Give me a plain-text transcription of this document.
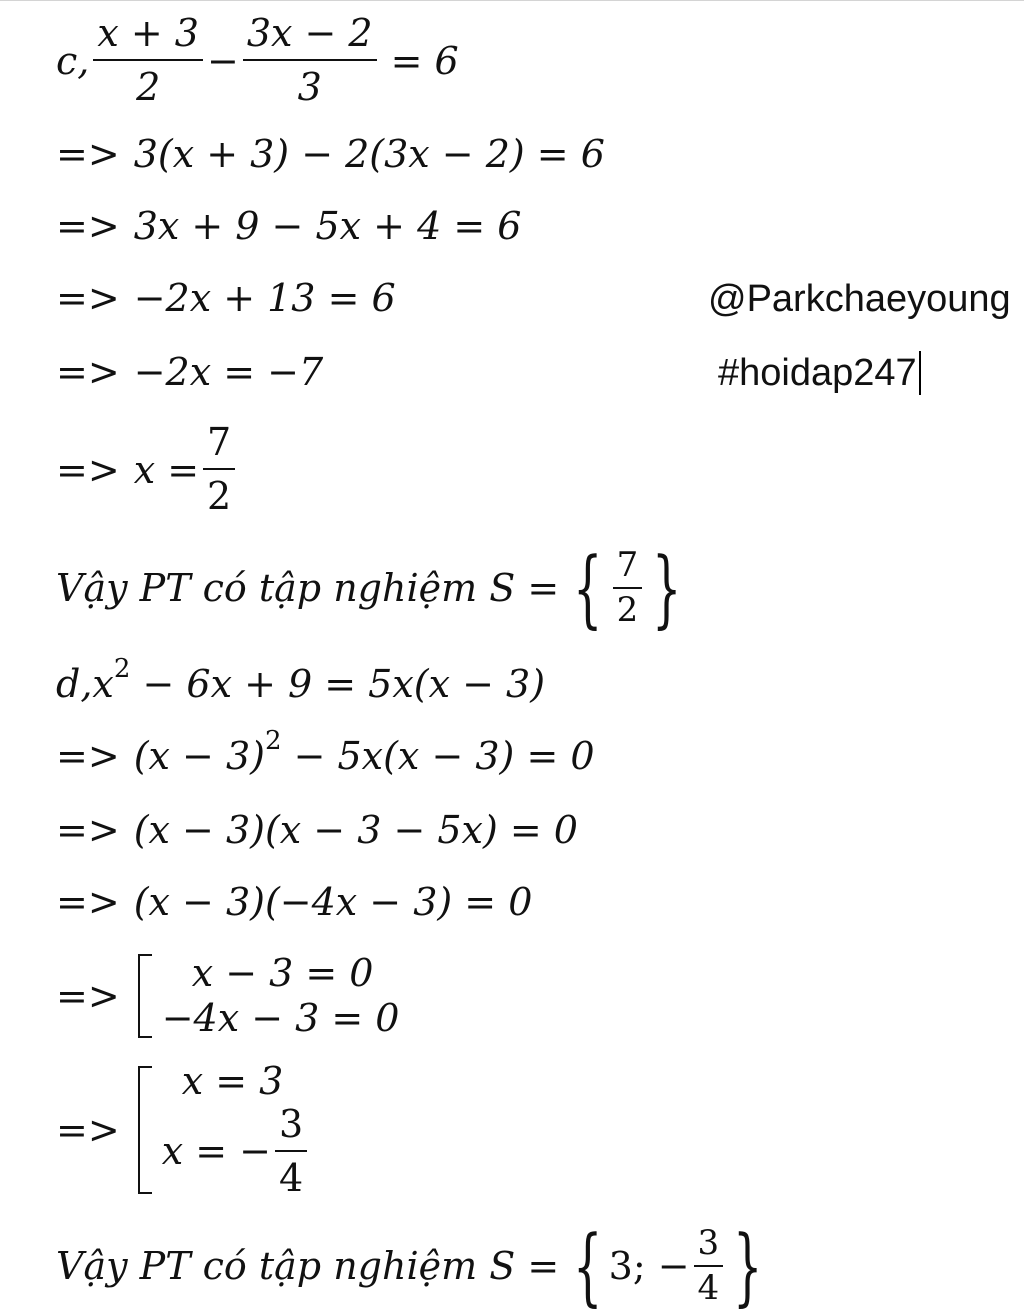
c, $\frac{x + 3}{2} - \frac{3x - 2}{3} = 6$
=> 3(x + 3) − 2(3x − 2) = 6
=> 3x + 9 − 5x + 4 = 6
=> −2x + 13 = 6
=> −2x = −7
=> $x = \frac{7}{2}$
Vậy PT có tập nghiệm S = { $\frac{7}{2}$ }
d, $x^2 - 6x + 9 = 5x(x - 3)$
=> $(x - 3)^2 - 5x(x - 3) = 0$
=> (x − 3)(x − 3 − 5x) = 0
=> (x − 3)(−4x − 3) = 0
=>
x − 3 = 0
−4x − 3 = 0
=>
x = 3
x = − $\frac{3}{4}$
Vậy PT có tập nghiệm S = { 3; − $\frac{3}{4}$ }
@Parkchaeyoung
#hoidap247
